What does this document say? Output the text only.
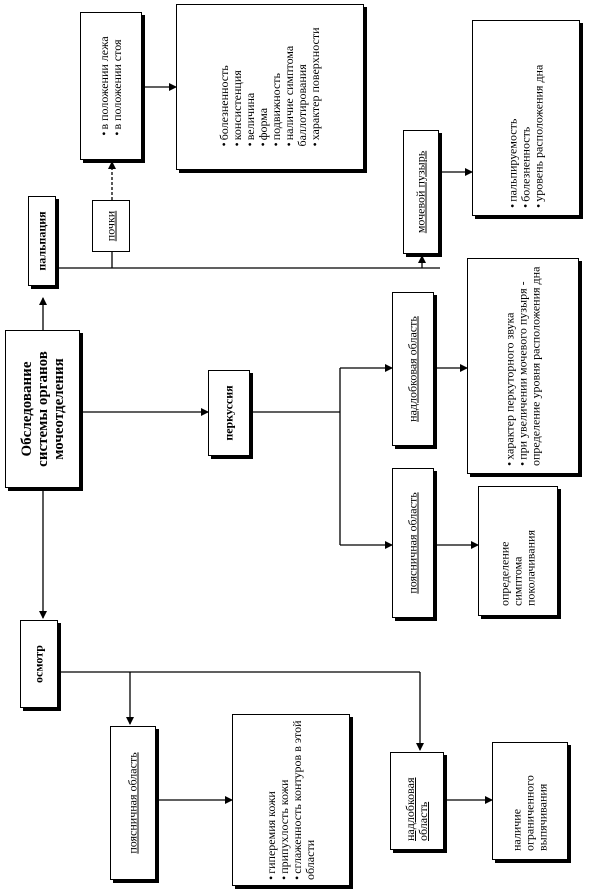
Обследование системы органов мочеотделения
пальпация	почки
• в положении лежа • в положении стоя	• болезненность • консистенция • величина • форма • подвижность • наличие симптома баллотирования • характер поверхности
мочевой пузырь	• пальпируемость • болезненность • уровень расположения дна
перкуссия	надлобковая область	• характер перкуторного звука • при увеличении мочевого пузыря - определение уровня расположения дна
поясничная область	определение симптома поколачивания
осмотр
поясничная область	• гиперемия кожи • припухлость кожи • сглаженность контуров в этой области
надлобковая область	наличие ограниченного выпячивания
